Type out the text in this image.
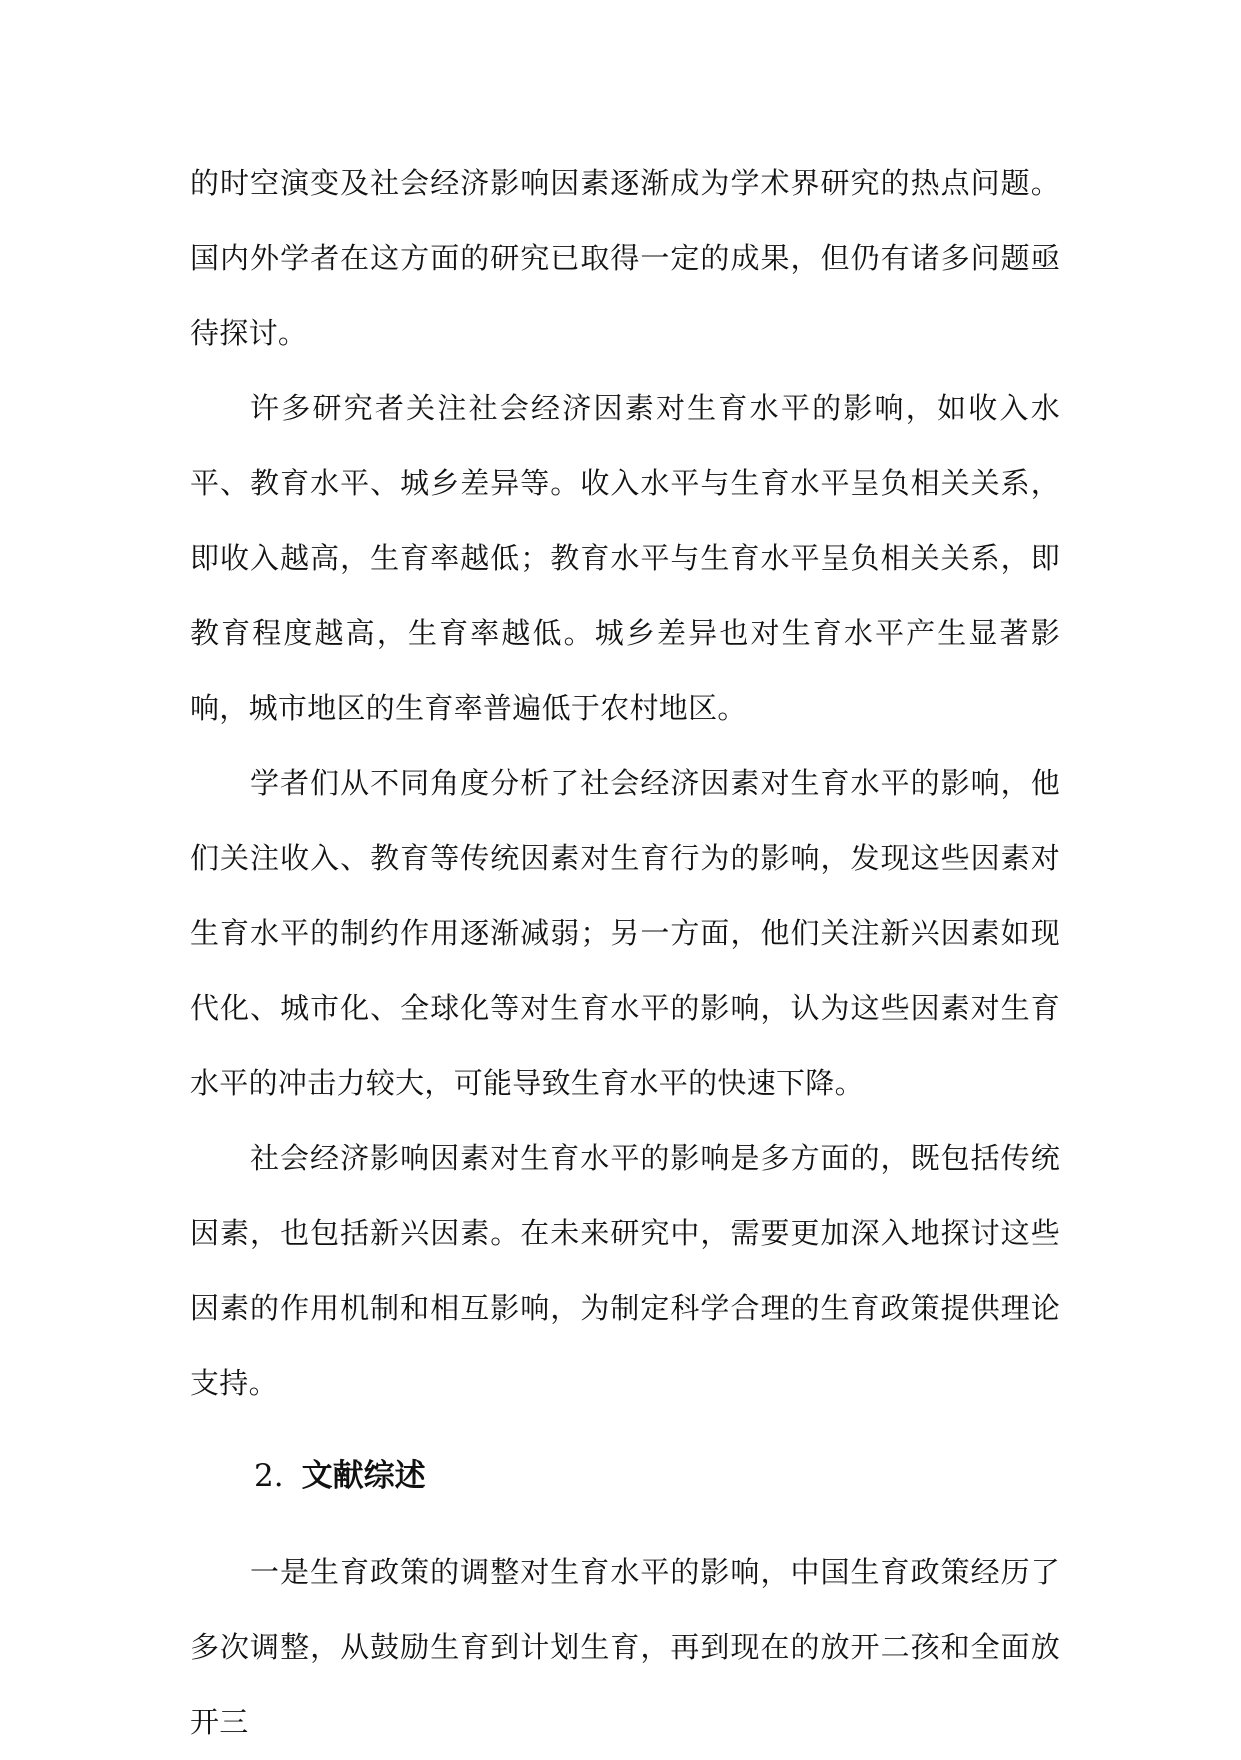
的时空演变及社会经济影响因素逐渐成为学术界研究的热点问题。国内外学者在这方面的研究已取得一定的成果，但仍有诸多问题亟待探讨。

许多研究者关注社会经济因素对生育水平的影响，如收入水平、教育水平、城乡差异等。收入水平与生育水平呈负相关关系，即收入越高，生育率越低；教育水平与生育水平呈负相关关系，即教育程度越高，生育率越低。城乡差异也对生育水平产生显著影响，城市地区的生育率普遍低于农村地区。

学者们从不同角度分析了社会经济因素对生育水平的影响，他们关注收入、教育等传统因素对生育行为的影响，发现这些因素对生育水平的制约作用逐渐减弱；另一方面，他们关注新兴因素如现代化、城市化、全球化等对生育水平的影响，认为这些因素对生育水平的冲击力较大，可能导致生育水平的快速下降。

社会经济影响因素对生育水平的影响是多方面的，既包括传统因素，也包括新兴因素。在未来研究中，需要更加深入地探讨这些因素的作用机制和相互影响，为制定科学合理的生育政策提供理论支持。

2. 文献综述

一是生育政策的调整对生育水平的影响，中国生育政策经历了多次调整，从鼓励生育到计划生育，再到现在的放开二孩和全面放开三
